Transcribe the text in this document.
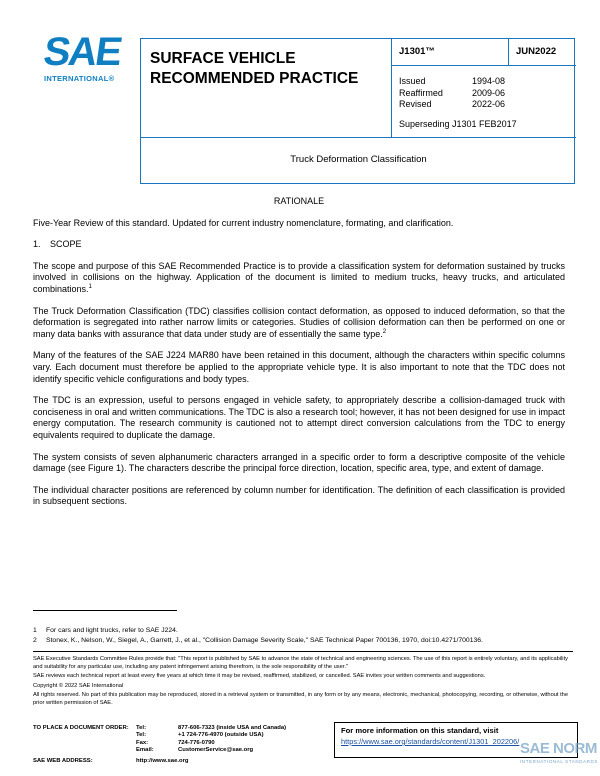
SAE
INTERNATIONAL®
SURFACE VEHICLE
RECOMMENDED PRACTICE
J1301™	JUN2022
Issued	1994-08
Reaffirmed	2009-06
Revised	2022-06
Superseding J1301 FEB2017
Truck Deformation Classification
RATIONALE

Five-Year Review of this standard. Updated for current industry nomenclature, formating, and clarification.

1.	SCOPE

The scope and purpose of this SAE Recommended Practice is to provide a classification system for deformation sustained by trucks involved in collisions on the highway. Application of the document is limited to medium trucks, heavy trucks, and articulated combinations.$^1$

The Truck Deformation Classification (TDC) classifies collision contact deformation, as opposed to induced deformation, so that the deformation is segregated into rather narrow limits or categories. Studies of collision deformation can then be performed on one or many data banks with assurance that data under study are of essentially the same type.$^2$

Many of the features of the SAE J224 MAR80 have been retained in this document, although the characters within specific columns vary. Each document must therefore be applied to the appropriate vehicle type. It is also important to note that the TDC does not identify specific vehicle configurations and body types.

The TDC is an expression, useful to persons engaged in vehicle safety, to appropriately describe a collision-damaged truck with conciseness in oral and written communications. The TDC is also a research tool; however, it has not been designed for use in impact energy computation. The research community is cautioned not to attempt direct conversion calculations from the TDC to energy equivalents required to duplicate the damage.

The system consists of seven alphanumeric characters arranged in a specific order to form a descriptive composite of the vehicle damage (see Figure 1). The characters describe the principal force direction, location, specific area, type, and extent of damage.

The individual character positions are referenced by column number for identification. The definition of each classification is provided in subsequent sections.

1	For cars and light trucks, refer to SAE J224.
2	Stonex, K., Nelson, W., Siegel, A., Garrett, J., et al., "Collision Damage Severity Scale," SAE Technical Paper 700136, 1970, doi:10.4271/700136.

SAE Executive Standards Committee Rules provide that: "This report is published by SAE to advance the state of technical and engineering sciences. The use of this report is entirely voluntary, and its applicability and suitability for any particular use, including any patent infringement arising therefrom, is the sole responsibility of the user."

SAE reviews each technical report at least every five years at which time it may be revised, reaffirmed, stabilized, or cancelled. SAE invites your written comments and suggestions.

Copyright © 2022 SAE International

All rights reserved. No part of this publication may be reproduced, stored in a retrieval system or transmitted, in any form or by any means, electronic, mechanical, photocopying, recording, or otherwise, without the prior written permission of SAE.

TO PLACE A DOCUMENT ORDER:	Tel:	877-606-7323 (inside USA and Canada)
Tel:	+1 724-776-4970 (outside USA)
Fax:	724-776-0790
Email:	CustomerService@sae.org
SAE WEB ADDRESS:	http://www.sae.org
For more information on this standard, visit
https://www.sae.org/standards/content/J1301_202206/ SAE NORM
INTERNATIONAL STANDARDS
